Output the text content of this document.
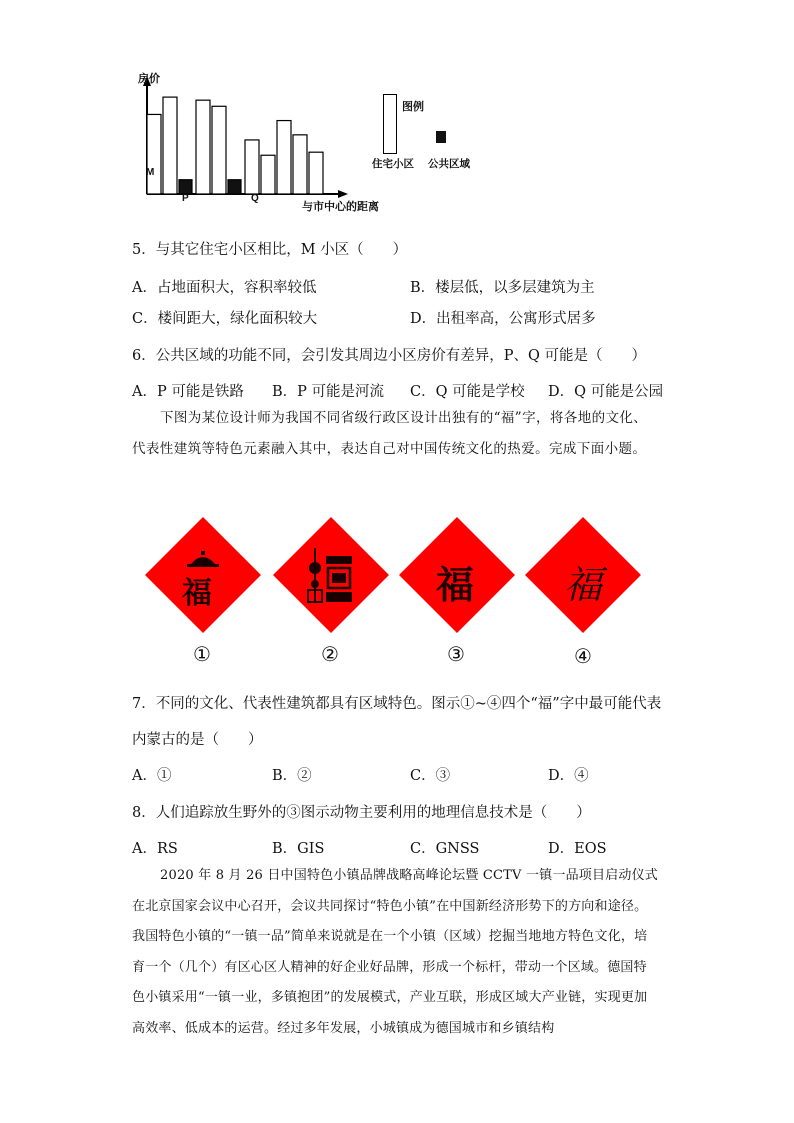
房价
与市中心的距离
M
P	Q
图例
住宅小区 公共区域
5．与其它住宅小区相比，M 小区（　　）
A．占地面积大，容积率较低	B．楼层低，以多层建筑为主
C．楼间距大，绿化面积较大	D．出租率高，公寓形式居多
6．公共区域的功能不同，会引发其周边小区房价有差异，P、Q 可能是（　　）
A．P 可能是铁路 B．P 可能是河流 C．Q 可能是学校 D．Q 可能是公园
下图为某位设计师为我国不同省级行政区设计出独有的“福”字，将各地的文化、代表性建筑等特色元素融入其中，表达自己对中国传统文化的热爱。完成下面小题。
福	福 福
①	②	③	④
7．不同的文化、代表性建筑都具有区域特色。图示①~④四个“福”字中最可能代表
内蒙古的是（　　）
A．①	B．②	C．③	D．④
8．人们追踪放生野外的③图示动物主要利用的地理信息技术是（　　）
A．RS	B．GIS	C．GNSS	D．EOS
2020 年 8 月 26 日中国特色小镇品牌战略高峰论坛暨 CCTV 一镇一品项目启动仪式在北京国家会议中心召开，会议共同探讨“特色小镇”在中国新经济形势下的方向和途径。我国特色小镇的“一镇一品”简单来说就是在一个小镇（区域）挖掘当地地方特色文化，培育一个（几个）有区心区人精神的好企业好品牌，形成一个标杆，带动一个区域。德国特色小镇采用“一镇一业，多镇抱团”的发展模式，产业互联，形成区域大产业链，实现更加高效率、低成本的运营。经过多年发展，小城镇成为德国城市和乡镇结构
